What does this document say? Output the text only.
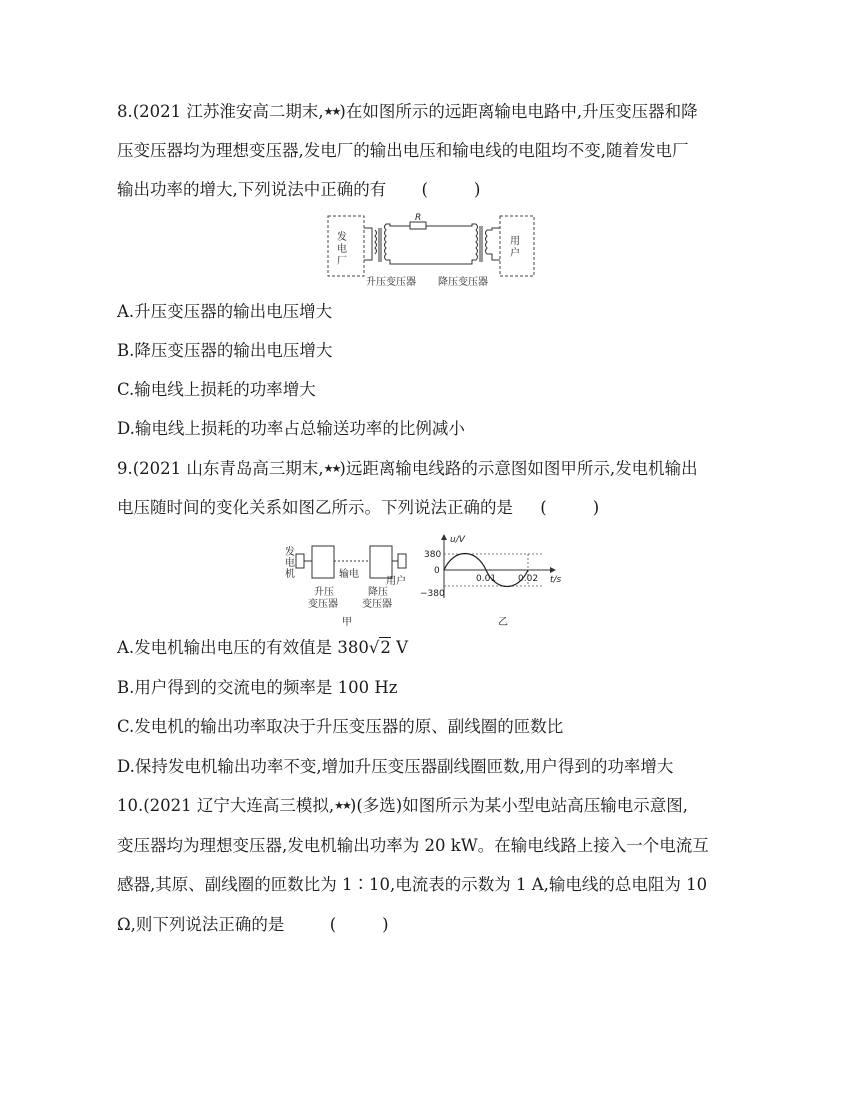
8.(2021 江苏淮安高二期末,★★)在如图所示的远距离输电电路中,升压变压器和降
压变压器均为理想变压器,发电厂的输出电压和输电线的电阻均不变,随着发电厂
输出功率的增大,下列说法中正确的有 (	)
发
电
厂
用
户
R
升压变压器 降压变压器
A.升压变压器的输出电压增大
B.降压变压器的输出电压增大
C.输电线上损耗的功率增大
D.输电线上损耗的功率占总输送功率的比例减小
9.(2021 山东青岛高三期末,★★)远距离输电线路的示意图如图甲所示,发电机输出
电压随时间的变化关系如图乙所示。下列说法正确的是 (	)
发
电
机	输电
用户
升压
变压器
降压
变压器
甲
u/V
t/s
380
0
−380
0.01 0.02
乙
A.发电机输出电压的有效值是 380√2 V
B.用户得到的交流电的频率是 100 Hz
C.发电机的输出功率取决于升压变压器的原、副线圈的匝数比
D.保持发电机输出功率不变,增加升压变压器副线圈匝数,用户得到的功率增大
10.(2021 辽宁大连高三模拟,★★)(多选)如图所示为某小型电站高压输电示意图,
变压器均为理想变压器,发电机输出功率为 20 kW。在输电线路上接入一个电流互
感器,其原、副线圈的匝数比为 1∶10,电流表的示数为 1 A,输电线的总电阻为 10
Ω,则下列说法正确的是	(	)
